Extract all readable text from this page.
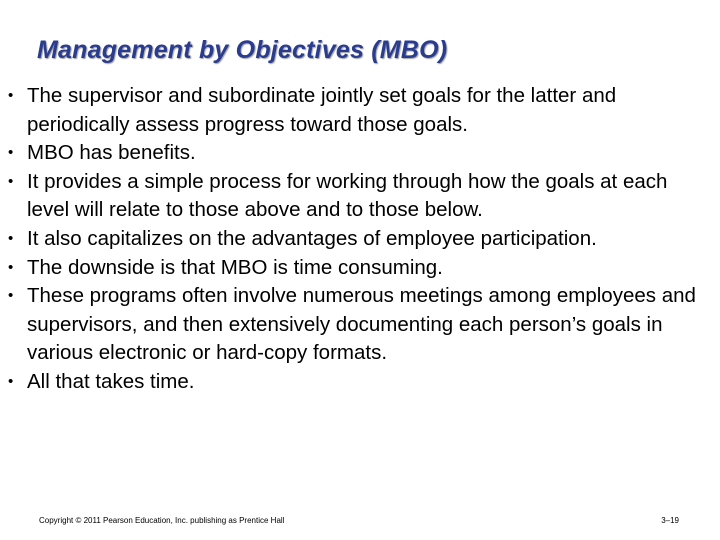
Management by Objectives (MBO)
• The supervisor and subordinate jointly set goals for the latter and periodically assess progress toward those goals.
• MBO has benefits.
• It provides a simple process for working through how the goals at each level will relate to those above and to those below.
• It also capitalizes on the advantages of employee participation.
• The downside is that MBO is time consuming.
• These programs often involve numerous meetings among employees and supervisors, and then extensively documenting each person’s goals in various electronic or hard-copy formats.
• All that takes time.
Copyright © 2011 Pearson Education, Inc. publishing as Prentice Hall	3–19
